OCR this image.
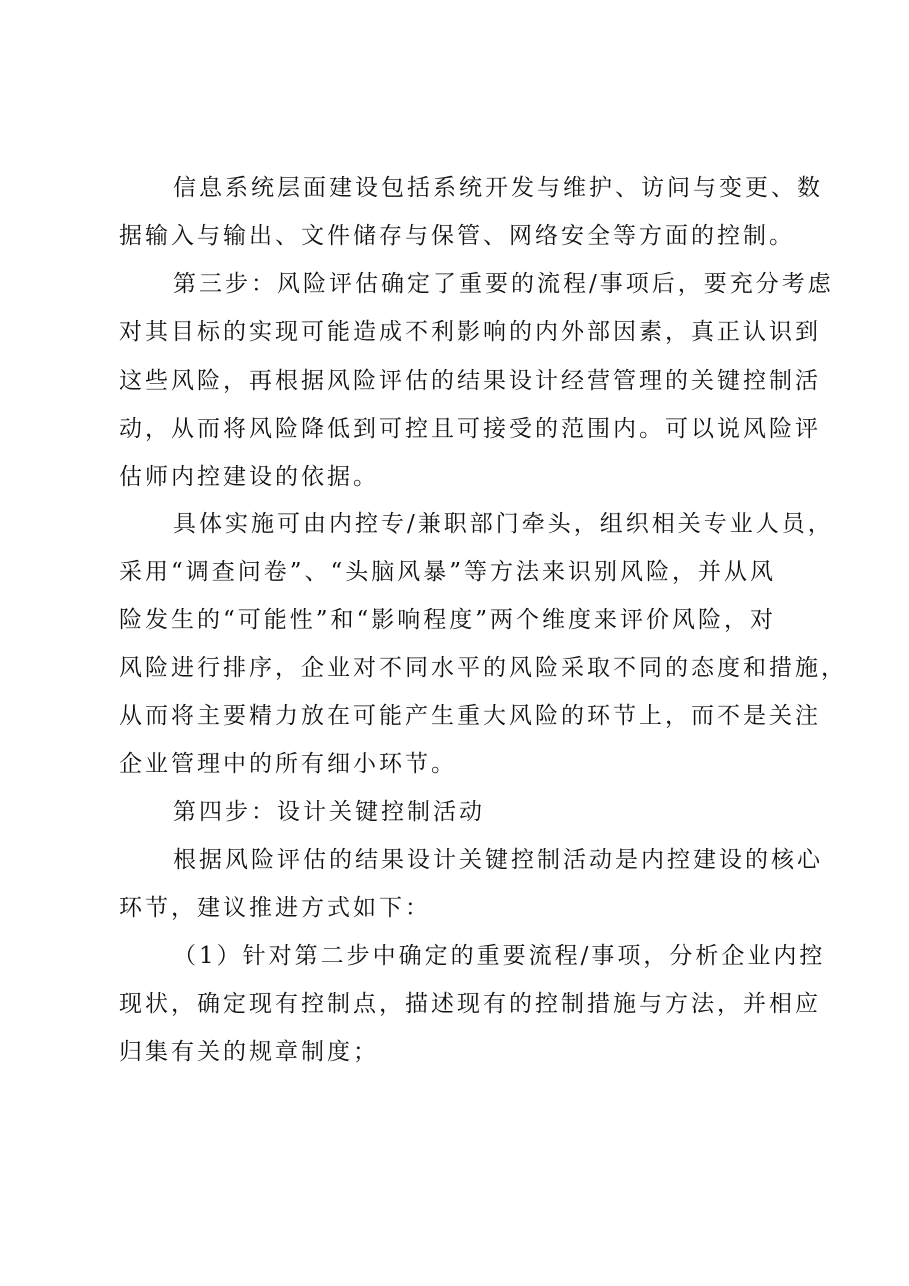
信息系统层面建设包括系统开发与维护、访问与变更、数

据输入与输出、文件储存与保管、网络安全等方面的控制。

第三步：风险评估确定了重要的流程/事项后，要充分考虑

对其目标的实现可能造成不利影响的内外部因素，真正认识到

这些风险，再根据风险评估的结果设计经营管理的关键控制活

动，从而将风险降低到可控且可接受的范围内。可以说风险评

估师内控建设的依据。

具体实施可由内控专/兼职部门牵头，组织相关专业人员，

采用“调查问卷”、“头脑风暴”等方法来识别风险，并从风

险发生的“可能性”和“影响程度”两个维度来评价风险，对

风险进行排序，企业对不同水平的风险采取不同的态度和措施，

从而将主要精力放在可能产生重大风险的环节上，而不是关注

企业管理中的所有细小环节。

第四步：设计关键控制活动

根据风险评估的结果设计关键控制活动是内控建设的核心

环节，建议推进方式如下：

（1）针对第二步中确定的重要流程/事项，分析企业内控

现状，确定现有控制点，描述现有的控制措施与方法，并相应

归集有关的规章制度；
